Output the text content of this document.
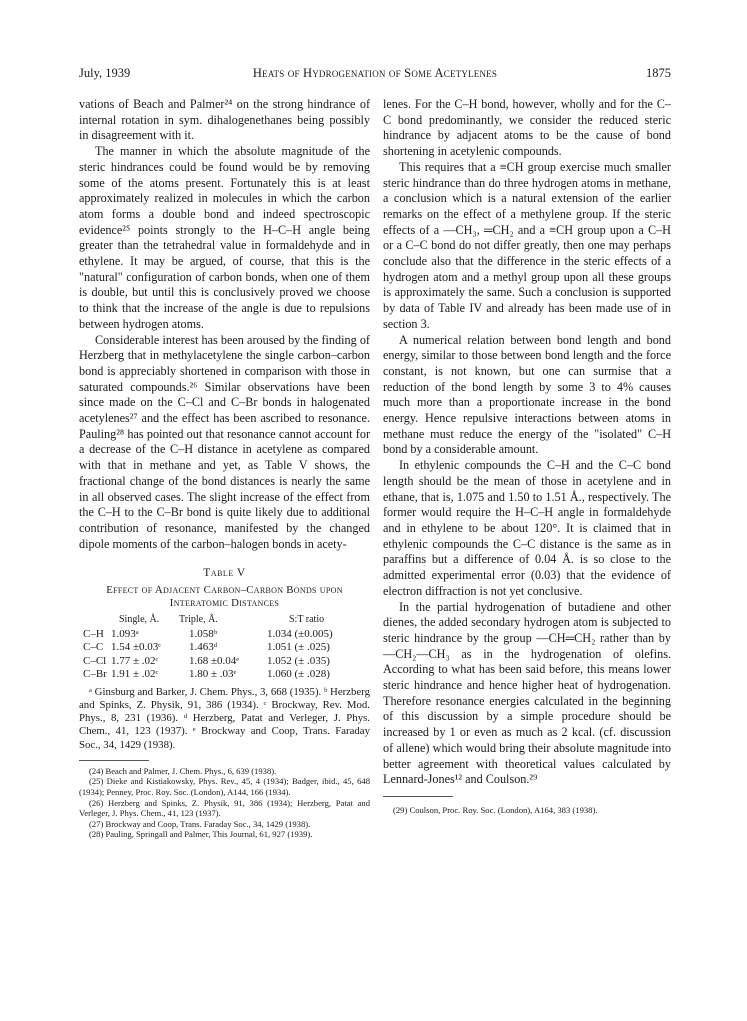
July, 1939	Heats of Hydrogenation of Some Acetylenes	1875

vations of Beach and Palmer²⁴ on the strong hindrance of internal rotation in sym. dihalogenethanes being possibly in disagreement with it.

The manner in which the absolute magnitude of the steric hindrances could be found would be by removing some of the atoms present. Fortunately this is at least approximately realized in molecules in which the carbon atom forms a double bond and indeed spectroscopic evidence²⁵ points strongly to the H–C–H angle being greater than the tetrahedral value in formaldehyde and in ethylene. It may be argued, of course, that this is the "natural" configuration of carbon bonds, when one of them is double, but until this is conclusively proved we choose to think that the increase of the angle is due to repulsions between hydrogen atoms.

Considerable interest has been aroused by the finding of Herzberg that in methylacetylene the single carbon–carbon bond is appreciably shortened in comparison with those in saturated compounds.²⁶ Similar observations have been since made on the C–Cl and C–Br bonds in halogenated acetylenes²⁷ and the effect has been ascribed to resonance. Pauling²⁸ has pointed out that resonance cannot account for a decrease of the C–H distance in acetylene as compared with that in methane and yet, as Table V shows, the fractional change of the bond distances is nearly the same in all observed cases. The slight increase of the effect from the C–H to the C–Br bond is quite likely due to additional contribution of resonance, manifested by the changed dipole moments of the carbon–halogen bonds in acety-

Table V
Effect of Adjacent Carbon–Carbon Bonds upon Interatomic Distances
Single, Å.	Triple, Å.	S:T ratio
C–H 1.093ᵃ	1.058ᵇ	1.034 (±0.005)
C–C 1.54 ±0.03ᶜ	1.463ᵈ	1.051 (± .025)
C–Cl 1.77 ± .02ᶜ	1.68 ±0.04ᵉ	1.052 (± .035)
C–Br 1.91 ± .02ᶜ	1.80 ± .03ᵉ	1.060 (± .028)

ᵃ Ginsburg and Barker, J. Chem. Phys., 3, 668 (1935). ᵇ Herzberg and Spinks, Z. Physik, 91, 386 (1934). ᶜ Brockway, Rev. Mod. Phys., 8, 231 (1936). ᵈ Herzberg, Patat and Verleger, J. Phys. Chem., 41, 123 (1937). ᵉ Brockway and Coop, Trans. Faraday Soc., 34, 1429 (1938).

(24) Beach and Palmer, J. Chem. Phys., 6, 639 (1938).

(25) Dieke and Kistiakowsky, Phys. Rev., 45, 4 (1934); Badger, ibid., 45, 648 (1934); Penney, Proc. Roy. Soc. (London), A144, 166 (1934).

(26) Herzberg and Spinks, Z. Physik, 91, 386 (1934); Herzberg, Patat and Verleger, J. Phys. Chem., 41, 123 (1937).

(27) Brockway and Coop, Trans. Faraday Soc., 34, 1429 (1938).

(28) Pauling, Springall and Palmer, This Journal, 61, 927 (1939).

lenes. For the C–H bond, however, wholly and for the C–C bond predominantly, we consider the reduced steric hindrance by adjacent atoms to be the cause of bond shortening in acetylenic compounds.

This requires that a ≡CH group exercise much smaller steric hindrance than do three hydrogen atoms in methane, a conclusion which is a natural extension of the earlier remarks on the effect of a methylene group. If the steric effects of a —CH₃, ═CH₂ and a ≡CH group upon a C–H or a C–C bond do not differ greatly, then one may perhaps conclude also that the difference in the steric effects of a hydrogen atom and a methyl group upon all these groups is approximately the same. Such a conclusion is supported by data of Table IV and already has been made use of in section 3.

A numerical relation between bond length and bond energy, similar to those between bond length and the force constant, is not known, but one can surmise that a reduction of the bond length by some 3 to 4% causes much more than a proportionate increase in the bond energy. Hence repulsive interactions between atoms in methane must reduce the energy of the "isolated" C–H bond by a considerable amount.

In ethylenic compounds the C–H and the C–C bond length should be the mean of those in acetylene and in ethane, that is, 1.075 and 1.50 to 1.51 Å., respectively. The former would require the H–C–H angle in formaldehyde and in ethylene to be about 120°. It is claimed that in ethylenic compounds the C–C distance is the same as in paraffins but a difference of 0.04 Å. is so close to the admitted experimental error (0.03) that the evidence of electron diffraction is not yet conclusive.

In the partial hydrogenation of butadiene and other dienes, the added secondary hydrogen atom is subjected to steric hindrance by the group —CH═CH₂ rather than by —CH₂—CH₃ as in the hydrogenation of olefins. According to what has been said before, this means lower steric hindrance and hence higher heat of hydrogenation. Therefore resonance energies calculated in the beginning of this discussion by a simple procedure should be increased by 1 or even as much as 2 kcal. (cf. discussion of allene) which would bring their absolute magnitude into better agreement with theoretical values calculated by Lennard-Jones¹² and Coulson.²⁹

(29) Coulson, Proc. Roy. Soc. (London), A164, 383 (1938).
